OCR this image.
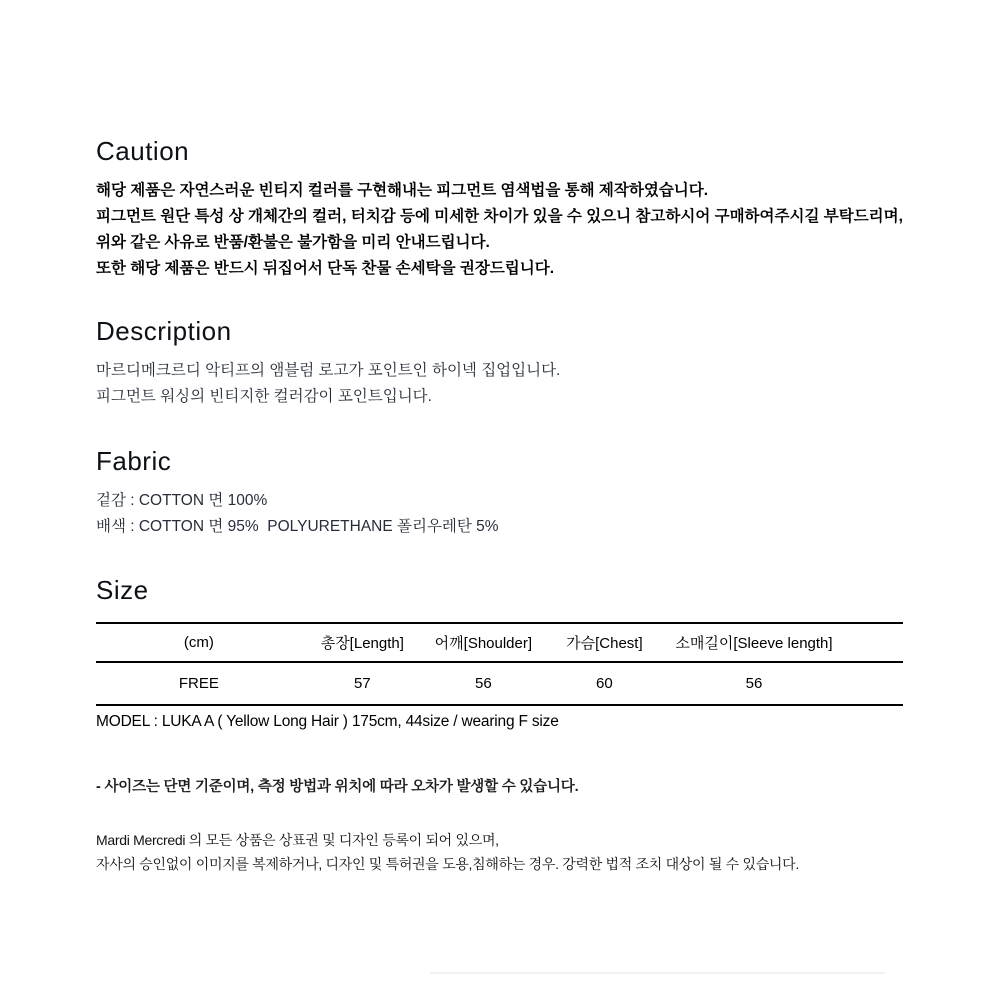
Caution

해당 제품은 자연스러운 빈티지 컬러를 구현해내는 피그먼트 염색법을 통해 제작하였습니다.

피그먼트 원단 특성 상 개체간의 컬러, 터치감 등에 미세한 차이가 있을 수 있으니 참고하시어 구매하여주시길 부탁드리며,

위와 같은 사유로 반품/환불은 불가함을 미리 안내드립니다.

또한 해당 제품은 반드시 뒤집어서 단독 찬물 손세탁을 권장드립니다.

Description

마르디메크르디 악티프의 앰블럼 로고가 포인트인 하이넥 집업입니다.

피그먼트 워싱의 빈티지한 컬러감이 포인트입니다.

Fabric

겉감 : COTTON 면 100%

배색 : COTTON 면 95%  POLYURETHANE 폴리우레탄 5%

Size
(cm)	총장[Length]	어깨[Shoulder]	가슴[Chest]	소매길이[Sleeve length]
FREE	57	56	60	56

MODEL : LUKA A ( Yellow Long Hair ) 175cm, 44size / wearing F size

- 사이즈는 단면 기준이며, 측정 방법과 위치에 따라 오차가 발생할 수 있습니다.

Mardi Mercredi 의 모든 상품은 상표권 및 디자인 등록이 되어 있으며,

자사의 승인없이 이미지를 복제하거나, 디자인 및 특허권을 도용,침해하는 경우. 강력한 법적 조치 대상이 될 수 있습니다.
